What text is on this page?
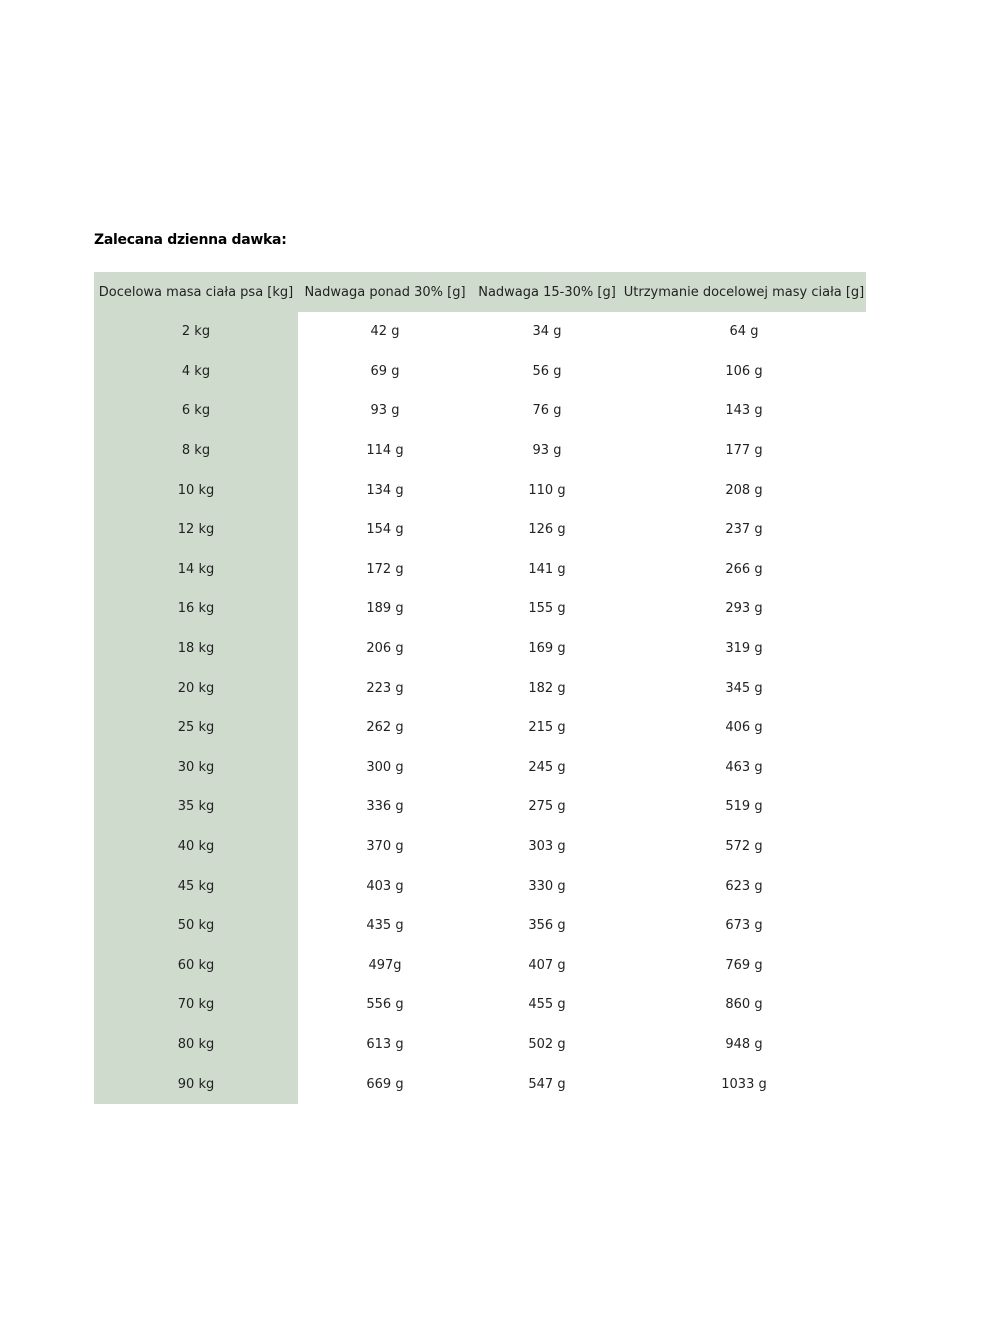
Zalecana dzienna dawka:
Docelowa masa ciała psa [kg]	Nadwaga ponad 30% [g]	Nadwaga 15-30% [g]	Utrzymanie docelowej masy ciała [g]
2 kg	42 g	34 g	64 g
4 kg	69 g	56 g	106 g
6 kg	93 g	76 g	143 g
8 kg	114 g	93 g	177 g
10 kg	134 g	110 g	208 g
12 kg	154 g	126 g	237 g
14 kg	172 g	141 g	266 g
16 kg	189 g	155 g	293 g
18 kg	206 g	169 g	319 g
20 kg	223 g	182 g	345 g
25 kg	262 g	215 g	406 g
30 kg	300 g	245 g	463 g
35 kg	336 g	275 g	519 g
40 kg	370 g	303 g	572 g
45 kg	403 g	330 g	623 g
50 kg	435 g	356 g	673 g
60 kg	497g	407 g	769 g
70 kg	556 g	455 g	860 g
80 kg	613 g	502 g	948 g
90 kg	669 g	547 g	1033 g
